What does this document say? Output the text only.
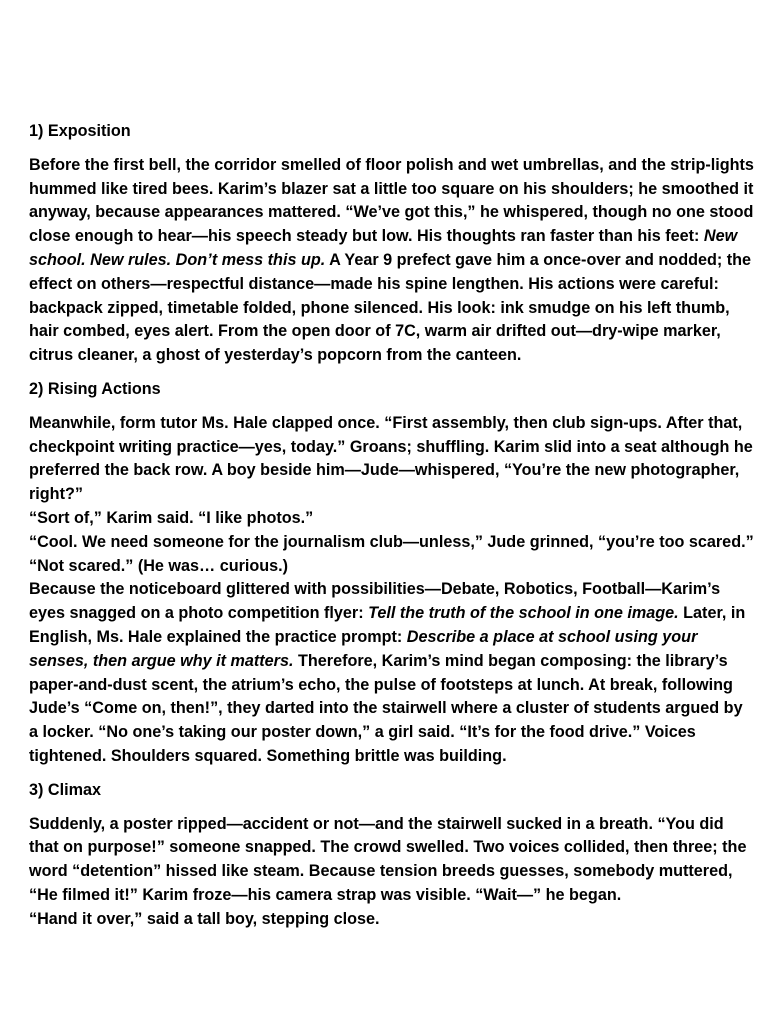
1) Exposition
Before the first bell, the corridor smelled of floor polish and wet umbrellas, and the strip-lights hummed like tired bees. Karim’s blazer sat a little too square on his shoulders; he smoothed it anyway, because appearances mattered. “We’ve got this,” he whispered, though no one stood close enough to hear—his speech steady but low. His thoughts ran faster than his feet: New school. New rules. Don’t mess this up. A Year 9 prefect gave him a once-over and nodded; the effect on others—respectful distance—made his spine lengthen. His actions were careful: backpack zipped, timetable folded, phone silenced. His look: ink smudge on his left thumb, hair combed, eyes alert. From the open door of 7C, warm air drifted out—dry-wipe marker, citrus cleaner, a ghost of yesterday’s popcorn from the canteen.
2) Rising Actions
Meanwhile, form tutor Ms. Hale clapped once. “First assembly, then club sign-ups. After that, checkpoint writing practice—yes, today.” Groans; shuffling. Karim slid into a seat although he preferred the back row. A boy beside him—Jude—whispered, “You’re the new photographer, right?”
“Sort of,” Karim said. “I like photos.”
“Cool. We need someone for the journalism club—unless,” Jude grinned, “you’re too scared.”
“Not scared.” (He was… curious.)
Because the noticeboard glittered with possibilities—Debate, Robotics, Football—Karim’s eyes snagged on a photo competition flyer: Tell the truth of the school in one image. Later, in English, Ms. Hale explained the practice prompt: Describe a place at school using your senses, then argue why it matters. Therefore, Karim’s mind began composing: the library’s paper-and-dust scent, the atrium’s echo, the pulse of footsteps at lunch. At break, following Jude’s “Come on, then!”, they darted into the stairwell where a cluster of students argued by a locker. “No one’s taking our poster down,” a girl said. “It’s for the food drive.” Voices tightened. Shoulders squared. Something brittle was building.
3) Climax
Suddenly, a poster ripped—accident or not—and the stairwell sucked in a breath. “You did that on purpose!” someone snapped. The crowd swelled. Two voices collided, then three; the word “detention” hissed like steam. Because tension breeds guesses, somebody muttered, “He filmed it!” Karim froze—his camera strap was visible. “Wait—” he began.
“Hand it over,” said a tall boy, stepping close.
